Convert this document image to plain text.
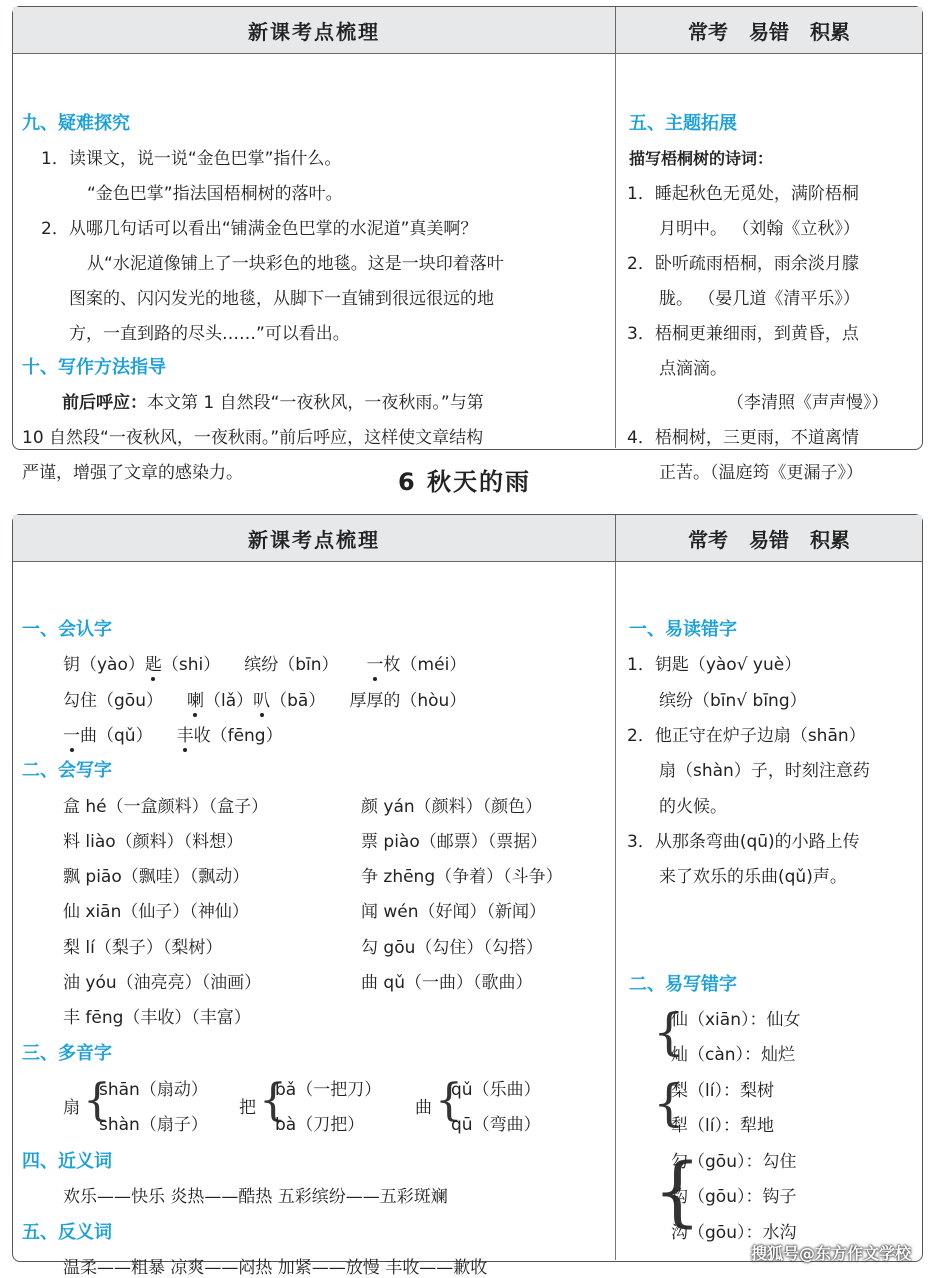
新课考点梳理	常考 易错 积累
九、疑难探究
1．读课文，说一说“金色巴掌”指什么。
“金色巴掌”指法国梧桐树的落叶。
2．从哪几句话可以看出“铺满金色巴掌的水泥道”真美啊？
从“水泥道像铺上了一块彩色的地毯。这是一块印着落叶
图案的、闪闪发光的地毯，从脚下一直铺到很远很远的地
方，一直到路的尽头……”可以看出。
十、写作方法指导
前后呼应：本文第 1 自然段“一夜秋风，一夜秋雨。”与第
10 自然段“一夜秋风，一夜秋雨。”前后呼应，这样使文章结构
严谨，增强了文章的感染力。
五、主题拓展
描写梧桐树的诗词：
1．睡起秋色无觅处，满阶梧桐
月明中。 （刘翰《立秋》）
2．卧听疏雨梧桐，雨余淡月朦
胧。 （晏几道《清平乐》）
3．梧桐更兼细雨，到黄昏，点
点滴滴。
（李清照《声声慢》）
4．梧桐树，三更雨，不道离情
正苦。（温庭筠《更漏子》）
6 秋天的雨
新课考点梳理	常考 易错 积累
一、会认字
钥（yào）匙（shi） 缤纷（bīn） 一枚（méi）
勾住（gōu） 喇（lǎ）叭（bā） 厚厚的（hòu）
一曲（qǔ） 丰收（fēng）
二、会写字
盒 hé（一盒颜料）（盒子）	颜 yán（颜料）（颜色）
料 liào（颜料）（料想）	票 piào（邮票）（票据）
飘 piāo（飘哇）（飘动）	争 zhēng（争着）（斗争）
仙 xiān（仙子）（神仙）	闻 wén（好闻）（新闻）
梨 lí（梨子）（梨树）	勾 gōu（勾住）（勾搭）
油 yóu（油亮亮）（油画）	曲 qǔ（一曲）（歌曲）
丰 fēng（丰收）（丰富）
三、多音字
扇 {
shān（扇动）
shàn（扇子）
把 {
bǎ（一把刀）
bà（刀把）
曲 {
qǔ（乐曲）
qū（弯曲）
四、近义词
欢乐——快乐 炎热——酷热 五彩缤纷——五彩斑斓
五、反义词
温柔——粗暴 凉爽——闷热 加紧——放慢 丰收——歉收
一、易读错字
1．钥匙（yào√ yuè）
缤纷（bīn√ bīng）
2．他正守在炉子边扇（shān）
扇（shàn）子，时刻注意药
的火候。
3．从那条弯曲(qū)的小路上传
来了欢乐的乐曲(qǔ)声。
二、易写错字
{
仙（xiān）：仙女
灿（càn）：灿烂
{
梨（lí）：梨树
犁（lí）：犁地
{
勾（gōu）：勾住
钩（gōu）：钩子
沟（gōu）：水沟
搜狐号@东方作文学校
